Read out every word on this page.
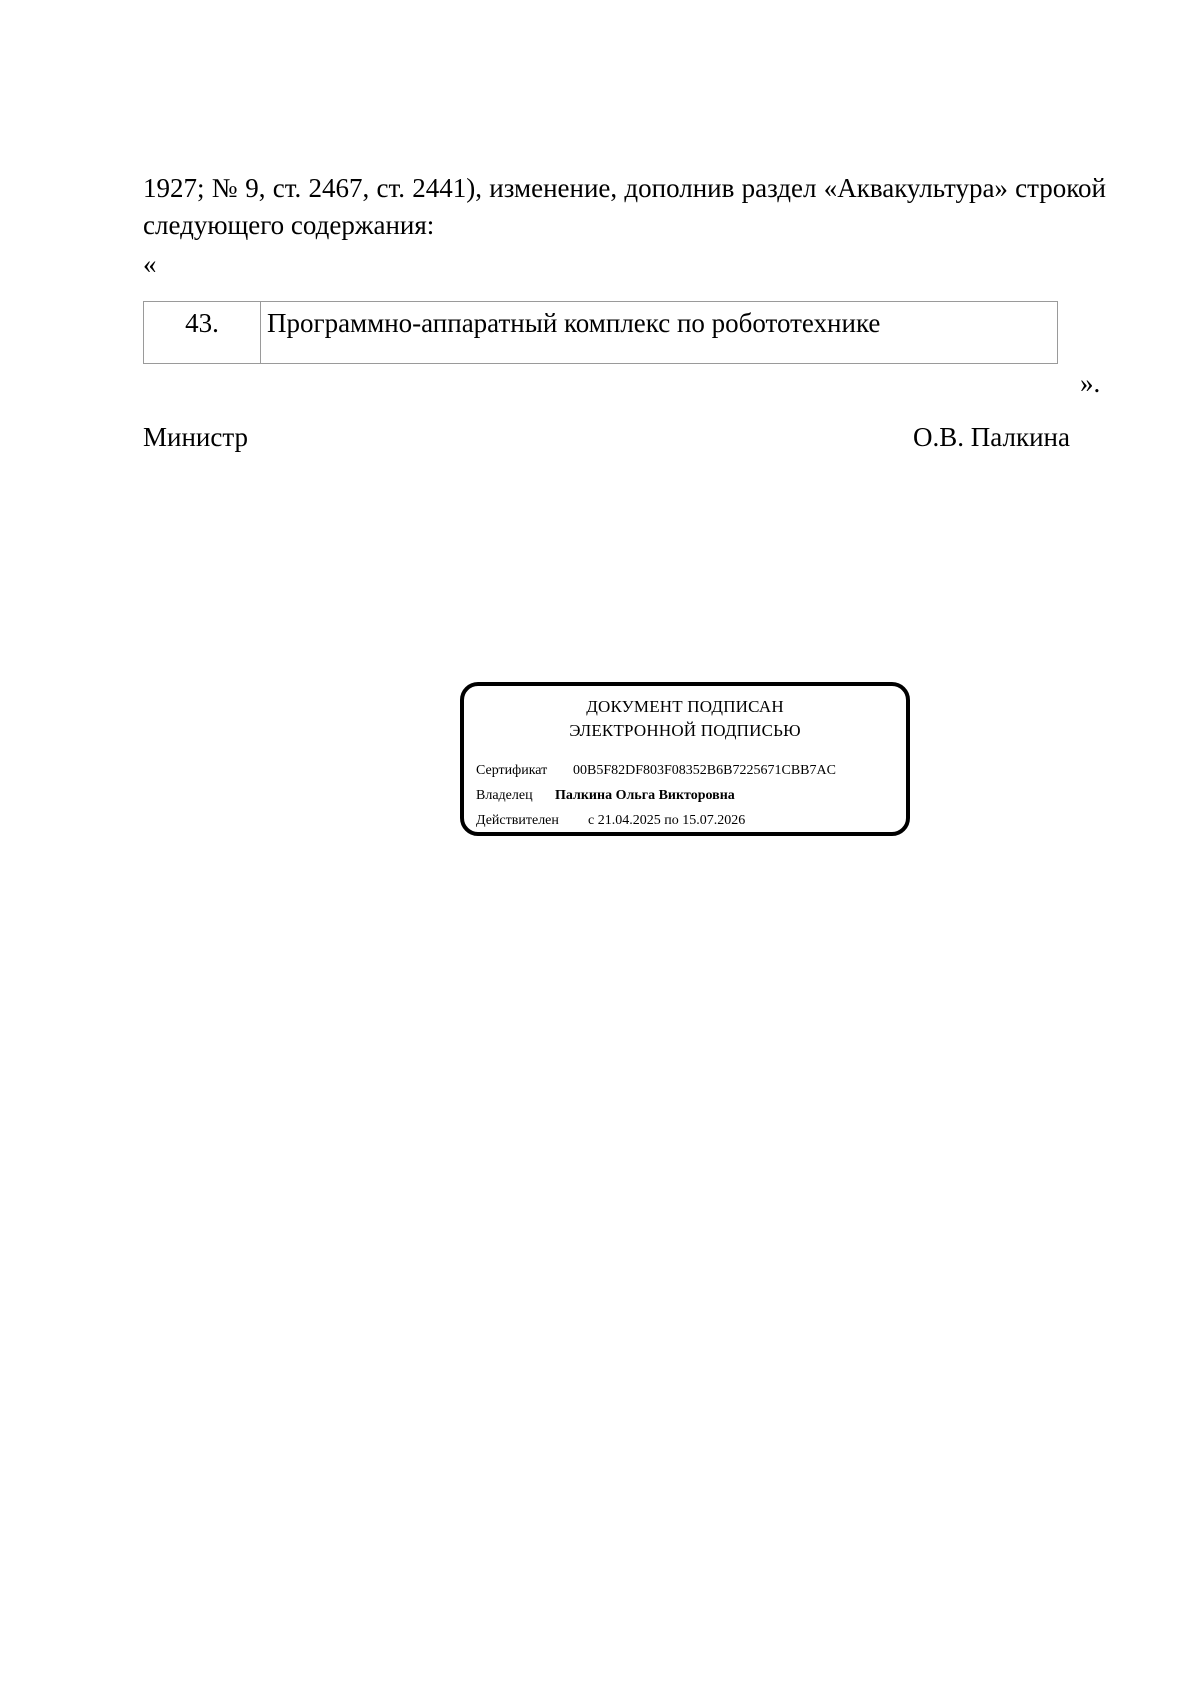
1927; № 9, ст. 2467, ст. 2441), изменение, дополнив раздел «Аквакультура» строкой следующего содержания:

«
43.	Программно-аппаратный комплекс по робототехнике
».
Министр	О.В. Палкина
ДОКУМЕНТ ПОДПИСАН
ЭЛЕКТРОННОЙ ПОДПИСЬЮ
Сертификат 00B5F82DF803F08352B6B7225671CBB7AC
Владелец Палкина Ольга Викторовна
Действителен с 21.04.2025 по 15.07.2026
